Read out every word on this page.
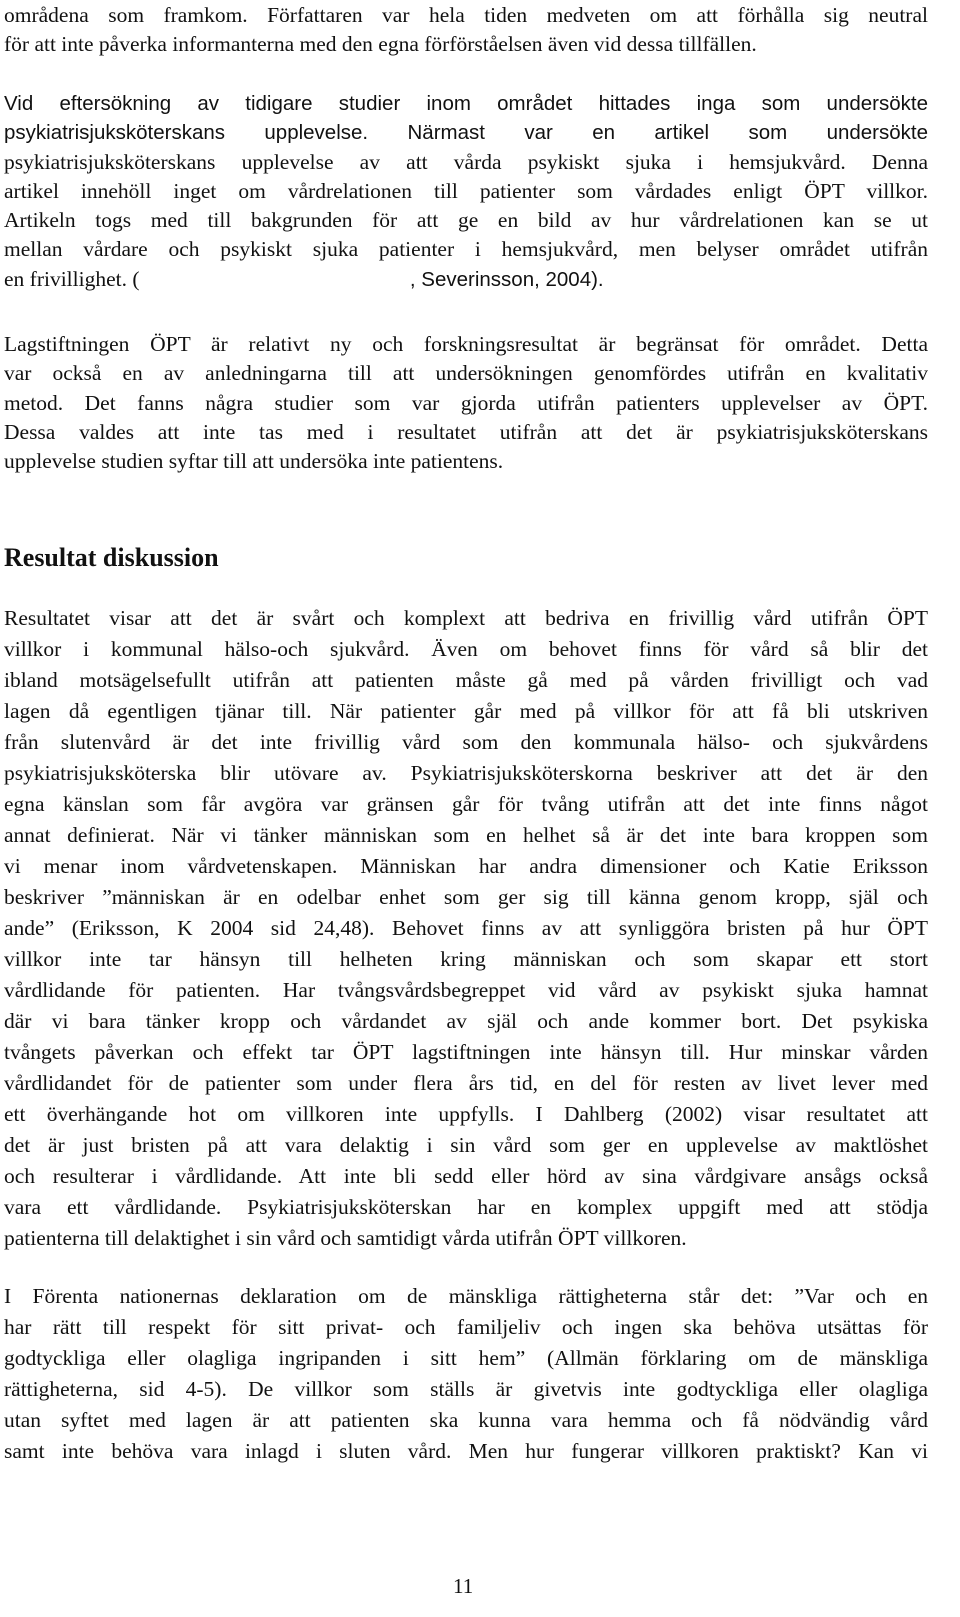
områdena som framkom. Författaren var hela tiden medveten om att förhålla sig neutral
för att inte påverka informanterna med den egna förförståelsen även vid dessa tillfällen.
Vid eftersökning av tidigare studier inom området hittades inga som undersökte
psykiatrisjuksköterskans upplevelse. Närmast var en artikel som undersökte
psykiatrisjuksköterskans upplevelse av att vårda psykiskt sjuka i hemsjukvård. Denna
artikel innehöll inget om vårdrelationen till patienter som vårdades enligt ÖPT villkor.
Artikeln togs med till bakgrunden för att ge en bild av hur vårdrelationen kan se ut
mellan vårdare och psykiskt sjuka patienter i hemsjukvård, men belyser området utifrån
en frivillighet. (	, Severinsson, 2004).
Lagstiftningen ÖPT är relativt ny och forskningsresultat är begränsat för området. Detta
var också en av anledningarna till att undersökningen genomfördes utifrån en kvalitativ
metod. Det fanns några studier som var gjorda utifrån patienters upplevelser av ÖPT.
Dessa valdes att inte tas med i resultatet utifrån att det är psykiatrisjuksköterskans
upplevelse studien syftar till att undersöka inte patientens.
Resultat diskussion
Resultatet visar att det är svårt och komplext att bedriva en frivillig vård utifrån ÖPT
villkor i kommunal hälso-och sjukvård. Även om behovet finns för vård så blir det
ibland motsägelsefullt utifrån att patienten måste gå med på vården frivilligt och vad
lagen då egentligen tjänar till. När patienter går med på villkor för att få bli utskriven
från slutenvård är det inte frivillig vård som den kommunala hälso- och sjukvårdens
psykiatrisjuksköterska blir utövare av. Psykiatrisjuksköterskorna beskriver att det är den
egna känslan som får avgöra var gränsen går för tvång utifrån att det inte finns något
annat definierat. När vi tänker människan som en helhet så är det inte bara kroppen som
vi menar inom vårdvetenskapen. Människan har andra dimensioner och Katie Eriksson
beskriver ”människan är en odelbar enhet som ger sig till känna genom kropp, själ och
ande” (Eriksson, K 2004 sid 24,48). Behovet finns av att synliggöra bristen på hur ÖPT
villkor inte tar hänsyn till helheten kring människan och som skapar ett stort
vårdlidande för patienten. Har tvångsvårdsbegreppet vid vård av psykiskt sjuka hamnat
där vi bara tänker kropp och vårdandet av själ och ande kommer bort. Det psykiska
tvångets påverkan och effekt tar ÖPT lagstiftningen inte hänsyn till. Hur minskar vården
vårdlidandet för de patienter som under flera års tid, en del för resten av livet lever med
ett överhängande hot om villkoren inte uppfylls. I Dahlberg (2002) visar resultatet att
det är just bristen på att vara delaktig i sin vård som ger en upplevelse av maktlöshet
och resulterar i vårdlidande. Att inte bli sedd eller hörd av sina vårdgivare ansågs också
vara ett vårdlidande. Psykiatrisjuksköterskan har en komplex uppgift med att stödja
patienterna till delaktighet i sin vård och samtidigt vårda utifrån ÖPT villkoren.
I Förenta nationernas deklaration om de mänskliga rättigheterna står det: ”Var och en
har rätt till respekt för sitt privat- och familjeliv och ingen ska behöva utsättas för
godtyckliga eller olagliga ingripanden i sitt hem” (Allmän förklaring om de mänskliga
rättigheterna, sid 4-5). De villkor som ställs är givetvis inte godtyckliga eller olagliga
utan syftet med lagen är att patienten ska kunna vara hemma och få nödvändig vård
samt inte behöva vara inlagd i sluten vård. Men hur fungerar villkoren praktiskt? Kan vi
11
